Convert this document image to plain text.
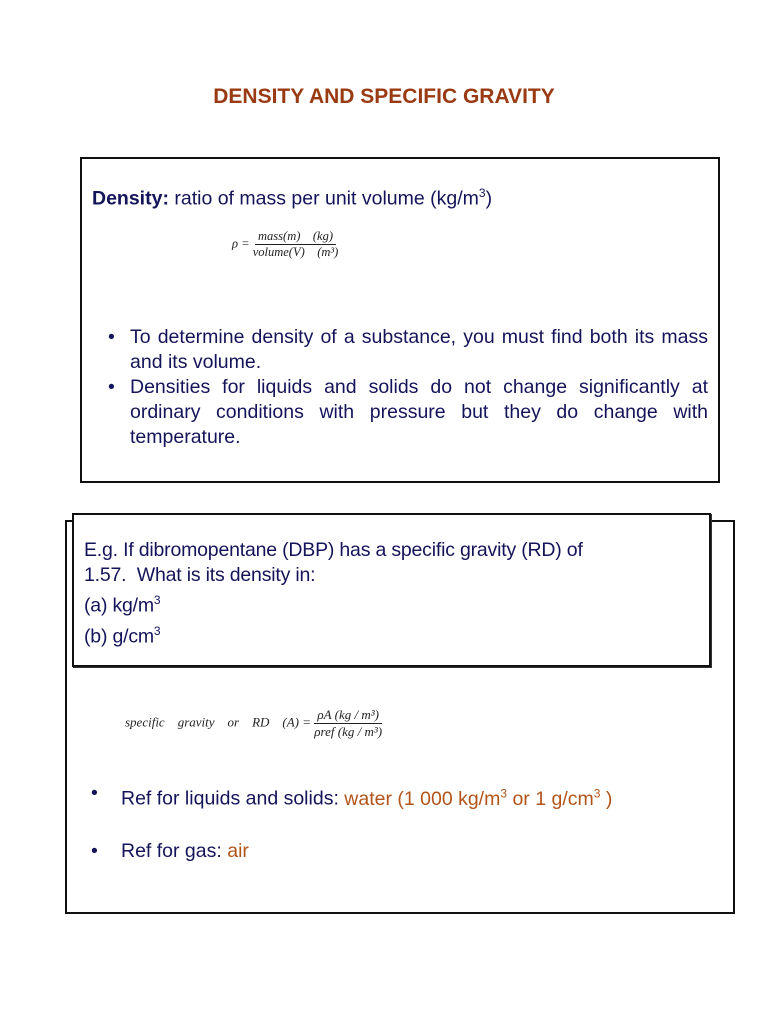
DENSITY AND SPECIFIC GRAVITY
Density: ratio of mass per unit volume $(kg/m^3)$
$\rho = \frac{\text{mass(m)    (kg)}}{\text{volume(V)    (m³)}}$
• To determine density of a substance, you must find both its mass and its volume.
• Densities for liquids and solids do not change significantly at ordinary conditions with pressure but they do change with temperature.
specific    gravity    or    RD    $(A) = \frac{\text{ρA (kg / m³)}}{\text{ρref (kg / m³)}}$
• Ref for liquids and solids: water (1 000 $kg/m^3$ or 1 $g/cm^3$ )
• Ref for gas: air
E.g. If dibromopentane (DBP) has a specific gravity (RD) of
1.57.  What is its density in:
(a) $kg/m^3$
(b) $g/cm^3$
